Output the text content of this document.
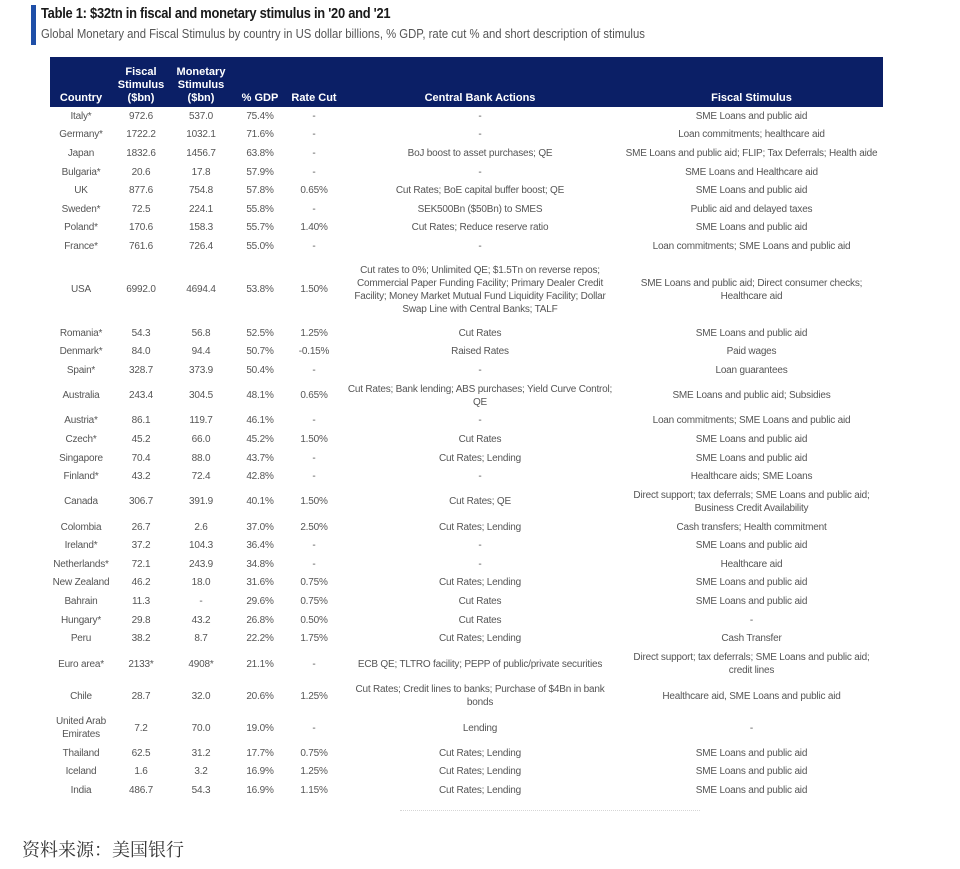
Table 1: $32tn in fiscal and monetary stimulus in '20 and '21
Global Monetary and Fiscal Stimulus by country in US dollar billions, % GDP, rate cut % and short description of stimulus
Country	Fiscal Stimulus ($bn)	Monetary Stimulus ($bn)	% GDP	Rate Cut	Central Bank Actions	Fiscal Stimulus
Italy*	972.6	537.0	75.4%	-	-	SME Loans and public aid
Germany*	1722.2	1032.1	71.6%	-	-	Loan commitments; healthcare aid
Japan	1832.6	1456.7	63.8%	-	BoJ boost to asset purchases; QE	SME Loans and public aid; FLIP; Tax Deferrals; Health aide
Bulgaria*	20.6	17.8	57.9%	-	-	SME Loans and Healthcare aid
UK	877.6	754.8	57.8%	0.65%	Cut Rates; BoE capital buffer boost; QE	SME Loans and public aid
Sweden*	72.5	224.1	55.8%	-	SEK500Bn ($50Bn) to SMES	Public aid and delayed taxes
Poland*	170.6	158.3	55.7%	1.40%	Cut Rates; Reduce reserve ratio	SME Loans and public aid
France*	761.6	726.4	55.0%	-	-	Loan commitments; SME Loans and public aid
USA	6992.0	4694.4	53.8%	1.50%	Cut rates to 0%; Unlimited QE; $1.5Tn on reverse repos; Commercial Paper Funding Facility; Primary Dealer Credit Facility; Money Market Mutual Fund Liquidity Facility; Dollar Swap Line with Central Banks; TALF	SME Loans and public aid; Direct consumer checks; Healthcare aid
Romania*	54.3	56.8	52.5%	1.25%	Cut Rates	SME Loans and public aid
Denmark*	84.0	94.4	50.7%	-0.15%	Raised Rates	Paid wages
Spain*	328.7	373.9	50.4%	-	-	Loan guarantees
Australia	243.4	304.5	48.1%	0.65%	Cut Rates; Bank lending; ABS purchases; Yield Curve Control; QE	SME Loans and public aid; Subsidies
Austria*	86.1	119.7	46.1%	-	-	Loan commitments; SME Loans and public aid
Czech*	45.2	66.0	45.2%	1.50%	Cut Rates	SME Loans and public aid
Singapore	70.4	88.0	43.7%	-	Cut Rates; Lending	SME Loans and public aid
Finland*	43.2	72.4	42.8%	-	-	Healthcare aids; SME Loans
Canada	306.7	391.9	40.1%	1.50%	Cut Rates; QE	Direct support; tax deferrals; SME Loans and public aid; Business Credit Availability
Colombia	26.7	2.6	37.0%	2.50%	Cut Rates; Lending	Cash transfers; Health commitment
Ireland*	37.2	104.3	36.4%	-	-	SME Loans and public aid
Netherlands*	72.1	243.9	34.8%	-	-	Healthcare aid
New Zealand	46.2	18.0	31.6%	0.75%	Cut Rates; Lending	SME Loans and public aid
Bahrain	11.3	-	29.6%	0.75%	Cut Rates	SME Loans and public aid
Hungary*	29.8	43.2	26.8%	0.50%	Cut Rates	-
Peru	38.2	8.7	22.2%	1.75%	Cut Rates; Lending	Cash Transfer
Euro area*	2133*	4908*	21.1%	-	ECB QE; TLTRO facility; PEPP of public/private securities	Direct support; tax deferrals; SME Loans and public aid; credit lines
Chile	28.7	32.0	20.6%	1.25%	Cut Rates; Credit lines to banks; Purchase of $4Bn in bank bonds	Healthcare aid, SME Loans and public aid
United Arab Emirates	7.2	70.0	19.0%	-	Lending	-
Thailand	62.5	31.2	17.7%	0.75%	Cut Rates; Lending	SME Loans and public aid
Iceland	1.6	3.2	16.9%	1.25%	Cut Rates; Lending	SME Loans and public aid
India	486.7	54.3	16.9%	1.15%	Cut Rates; Lending	SME Loans and public aid
资料来源：美国银行
